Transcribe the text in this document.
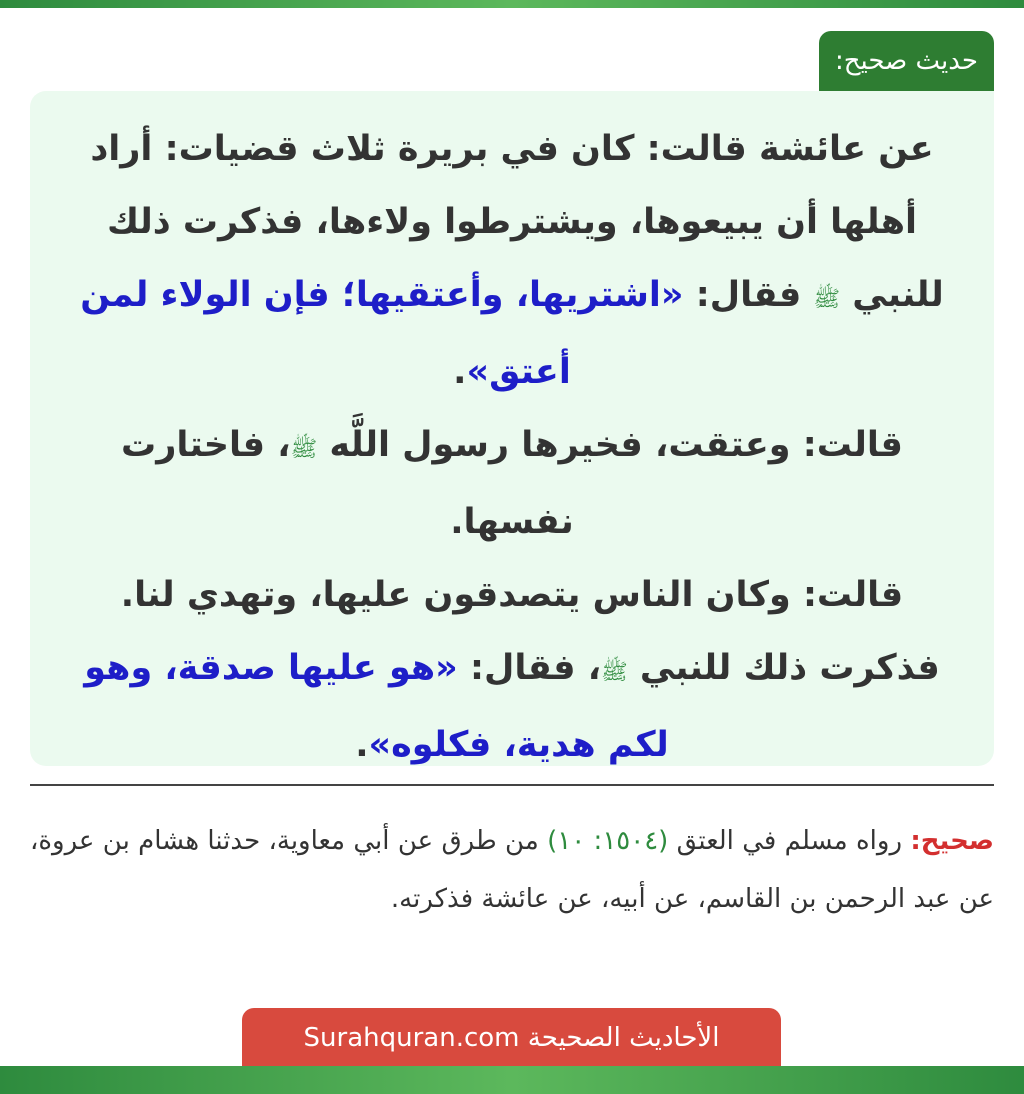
حديث صحيح:

عن عائشة قالت: كان في بريرة ثلاث قضيات: أراد أهلها أن يبيعوها، ويشترطوا ولاءها، فذكرت ذلك للنبي ﷺ فقال: «اشتريها، وأعتقيها؛ فإن الولاء لمن أعتق».

قالت: وعتقت، فخيرها رسول اللَّه ﷺ، فاختارت نفسها.

قالت: وكان الناس يتصدقون عليها، وتهدي لنا.

فذكرت ذلك للنبي ﷺ، فقال: «هو عليها صدقة، وهو لكم هدية، فكلوه».

صحيح: رواه مسلم في العتق (١٥٠٤: ١٠) من طرق عن أبي معاوية، حدثنا هشام بن عروة، عن عبد الرحمن بن القاسم، عن أبيه، عن عائشة فذكرته.
الأحاديث الصحيحة Surahquran.com
